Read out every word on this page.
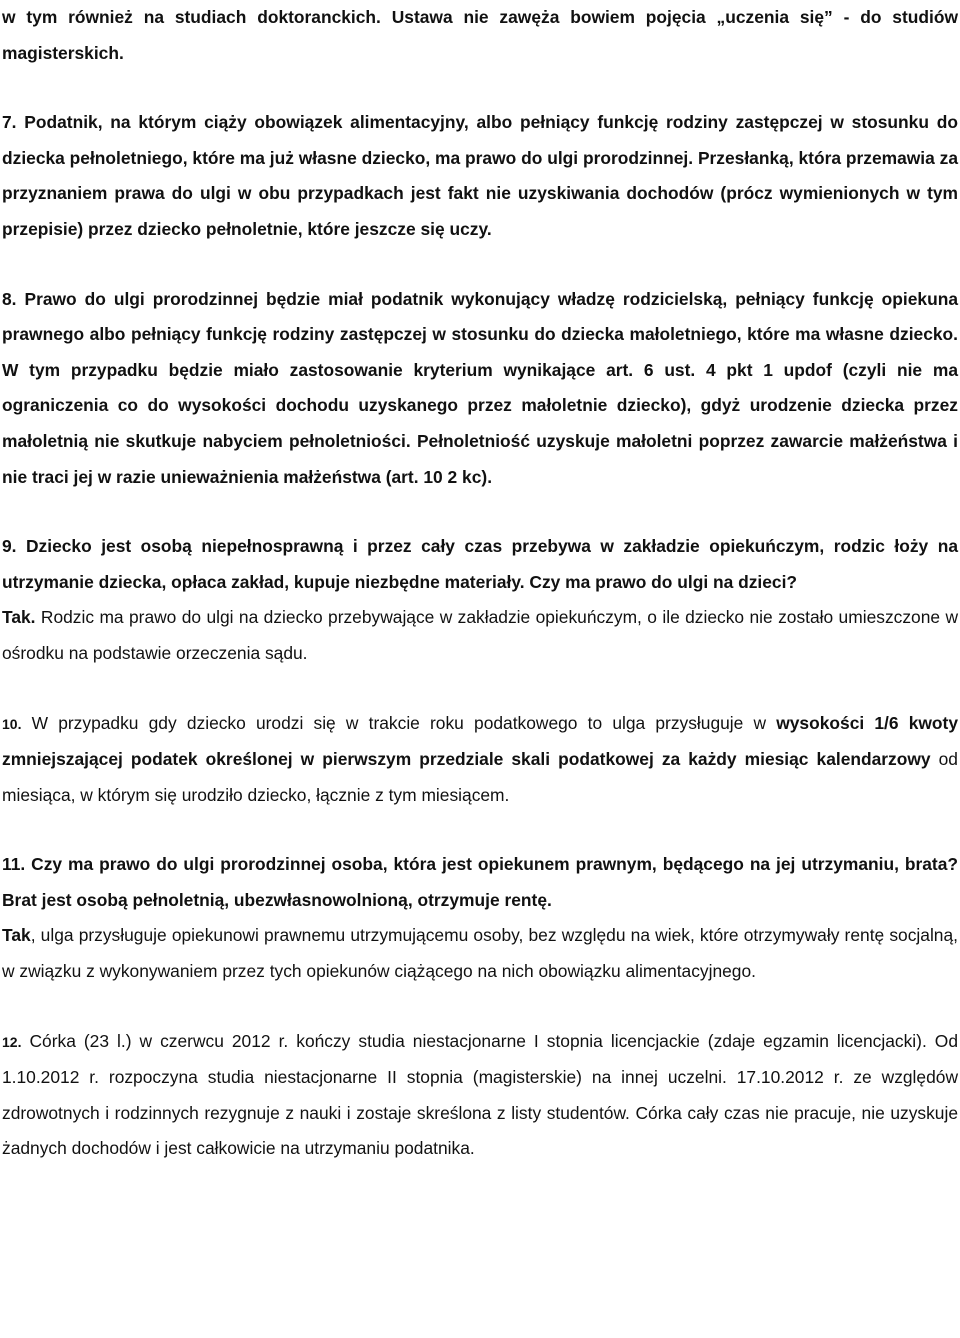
w tym również na studiach doktoranckich. Ustawa nie zawęża bowiem pojęcia „uczenia się” - do studiów magisterskich.

7. Podatnik, na którym ciąży obowiązek alimentacyjny, albo pełniący funkcję rodziny zastępczej w stosunku do dziecka pełnoletniego, które ma już własne dziecko, ma prawo do ulgi prorodzinnej. Przesłanką, która przemawia za przyznaniem prawa do ulgi w obu przypadkach jest fakt nie uzyskiwania dochodów (prócz wymienionych w tym przepisie) przez dziecko pełnoletnie, które jeszcze się uczy.

8. Prawo do ulgi prorodzinnej będzie miał podatnik wykonujący władzę rodzicielską, pełniący funkcję opiekuna prawnego albo pełniący funkcję rodziny zastępczej w stosunku do dziecka małoletniego, które ma własne dziecko. W tym przypadku będzie miało zastosowanie kryterium wynikające art. 6 ust. 4 pkt 1 updof (czyli nie ma ograniczenia co do wysokości dochodu uzyskanego przez małoletnie dziecko), gdyż urodzenie dziecka przez małoletnią nie skutkuje nabyciem pełnoletniości. Pełnoletniość uzyskuje małoletni poprzez zawarcie małżeństwa i nie traci jej w razie unieważnienia małżeństwa (art. 10 2 kc).

9. Dziecko jest osobą niepełnosprawną i przez cały czas przebywa w zakładzie opiekuńczym, rodzic łoży na utrzymanie dziecka, opłaca zakład, kupuje niezbędne materiały. Czy ma prawo do ulgi na dzieci?

Tak. Rodzic ma prawo do ulgi na dziecko przebywające w zakładzie opiekuńczym, o ile dziecko nie zostało umieszczone w ośrodku na podstawie orzeczenia sądu.

10. W przypadku gdy dziecko urodzi się w trakcie roku podatkowego to ulga przysługuje w wysokości 1/6 kwoty zmniejszającej podatek określonej w pierwszym przedziale skali podatkowej za każdy miesiąc kalendarzowy od miesiąca, w którym się urodziło dziecko, łącznie z tym miesiącem.

11. Czy ma prawo do ulgi prorodzinnej osoba, która jest opiekunem prawnym, będącego na jej utrzymaniu, brata? Brat jest osobą pełnoletnią, ubezwłasnowolnioną, otrzymuje rentę.

Tak, ulga przysługuje opiekunowi prawnemu utrzymującemu osoby, bez względu na wiek, które otrzymywały rentę socjalną, w związku z wykonywaniem przez tych opiekunów ciążącego na nich obowiązku alimentacyjnego.

12. Córka (23 l.) w czerwcu 2012 r. kończy studia niestacjonarne I stopnia licencjackie (zdaje egzamin licencjacki). Od 1.10.2012 r. rozpoczyna studia niestacjonarne II stopnia (magisterskie) na innej uczelni. 17.10.2012 r. ze względów zdrowotnych i rodzinnych rezygnuje z nauki i zostaje skreślona z listy studentów. Córka cały czas nie pracuje, nie uzyskuje żadnych dochodów i jest całkowicie na utrzymaniu podatnika.
